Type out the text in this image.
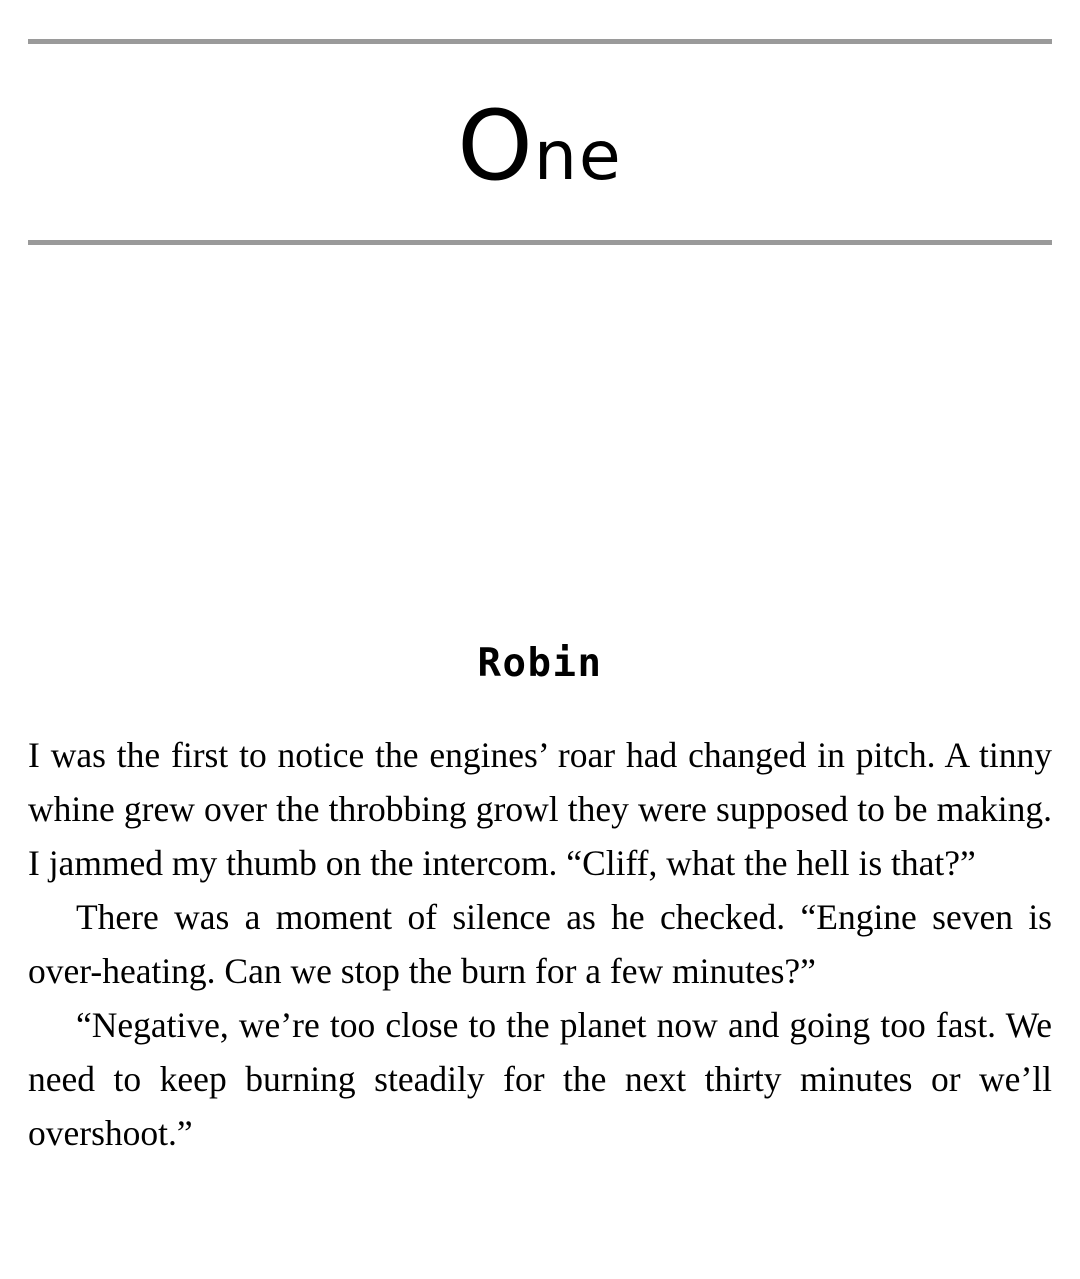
One
Robin

I was the first to notice the engines’ roar had changed in pitch. A tinny whine grew over the throbbing growl they were supposed to be making. I jammed my thumb on the intercom. “Cliff, what the hell is that?”

There was a moment of silence as he checked. “Engine seven is over-heating. Can we stop the burn for a few minutes?”

“Negative, we’re too close to the planet now and going too fast. We need to keep burning steadily for the next thirty minutes or we’ll overshoot.”
